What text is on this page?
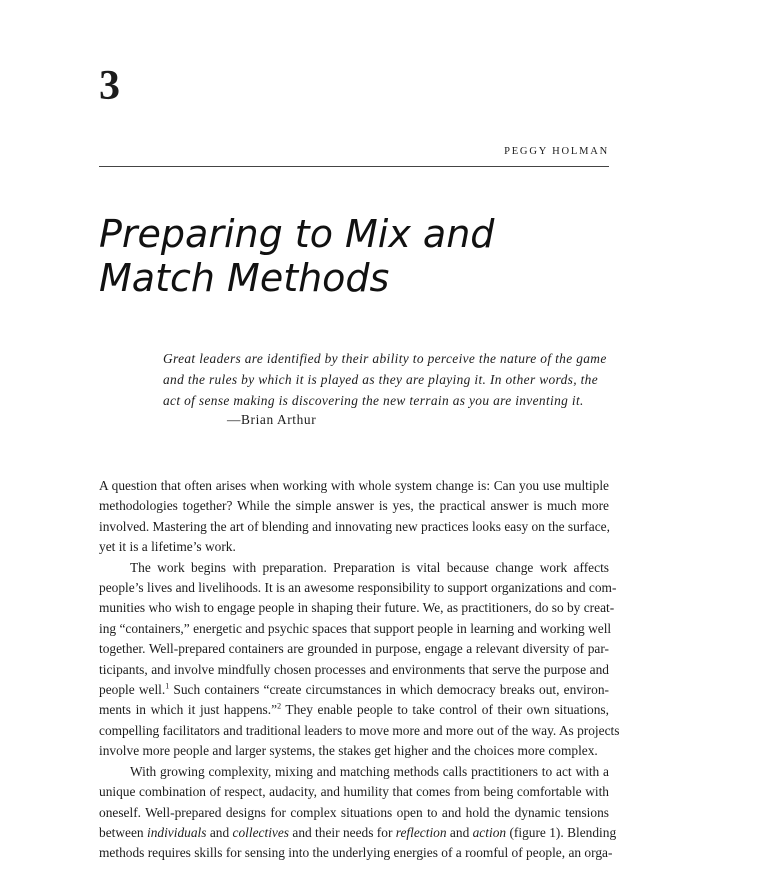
3
PEGGY HOLMAN
Preparing to Mix and
Match Methods
Great leaders are identified by their ability to perceive the nature of the game
and the rules by which it is played as they are playing it. In other words, the
act of sense making is discovering the new terrain as you are inventing it.
—Brian Arthur
A question that often arises when working with whole system change is: Can you use multiple
methodologies together? While the simple answer is yes, the practical answer is much more
involved. Mastering the art of blending and innovating new practices looks easy on the surface,
yet it is a lifetime’s work.
The work begins with preparation. Preparation is vital because change work affects
people’s lives and livelihoods. It is an awesome responsibility to support organizations and com-
munities who wish to engage people in shaping their future. We, as practitioners, do so by creat-
ing “containers,” energetic and psychic spaces that support people in learning and working well
together. Well-prepared containers are grounded in purpose, engage a relevant diversity of par-
ticipants, and involve mindfully chosen processes and environments that serve the purpose and
people well.$^1$ Such containers “create circumstances in which democracy breaks out, environ-
ments in which it just happens.”$^2$ They enable people to take control of their own situations,
compelling facilitators and traditional leaders to move more and more out of the way. As projects
involve more people and larger systems, the stakes get higher and the choices more complex.
With growing complexity, mixing and matching methods calls practitioners to act with a
unique combination of respect, audacity, and humility that comes from being comfortable with
oneself. Well-prepared designs for complex situations open to and hold the dynamic tensions
between individuals and collectives and their needs for reflection and action (figure 1). Blending
methods requires skills for sensing into the underlying energies of a roomful of people, an orga-
